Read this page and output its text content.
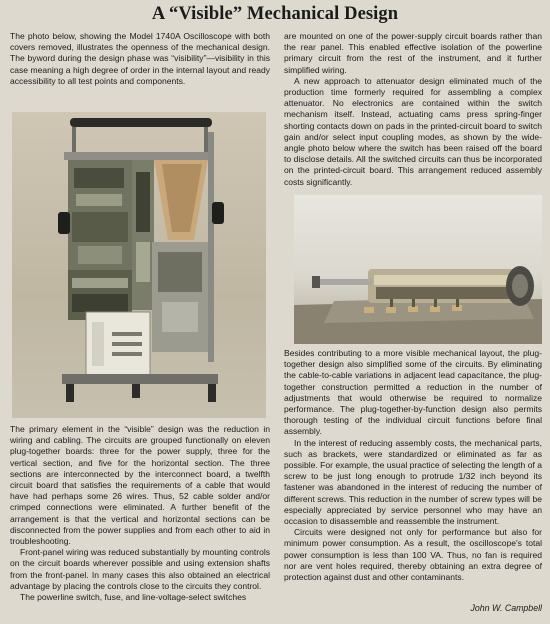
A “Visible” Mechanical Design

The photo below, showing the Model 1740A Oscilloscope with both covers removed, illustrates the openness of the mechanical design. The byword during the design phase was “visibility”—visibility in this case meaning a high degree of order in the internal layout and ready accessibility to all test points and components.

The primary element in the “visible” design was the reduction in wiring and cabling. The circuits are grouped functionally on eleven plug-together boards: three for the power supply, three for the vertical section, and five for the horizontal section. The three sections are interconnected by the interconnect board, a twelfth circuit board that satisfies the requirements of a cable that would have had perhaps some 26 wires. Thus, 52 cable solder and/or crimped connections were eliminated. A further benefit of the arrangement is that the vertical and horizontal sections can be disconnected from the power supplies and from each other to aid in troubleshooting.

Front-panel wiring was reduced substantially by mounting controls on the circuit boards wherever possible and using extension shafts from the front-panel. In many cases this also obtained an electrical advantage by placing the controls close to the circuits they control.

The powerline switch, fuse, and line-voltage-select switches

are mounted on one of the power-supply circuit boards rather than the rear panel. This enabled effective isolation of the powerline primary circuit from the rest of the instrument, and it further simplified wiring.

A new approach to attenuator design eliminated much of the production time formerly required for assembling a complex attenuator. No electronics are contained within the switch mechanism itself. Instead, actuating cams press spring-finger shorting contacts down on pads in the printed-circuit board to switch gain and/or select input coupling modes, as shown by the wide-angle photo below where the switch has been raised off the board to disclose details. All the switched circuits can thus be incorporated on the printed-circuit board. This arrangement reduced assembly costs significantly.

Besides contributing to a more visible mechanical layout, the plug-together design also simplified some of the circuits. By eliminating the cable-to-cable variations in adjacent lead capacitance, the plug-together construction permitted a reduction in the number of adjustments that would otherwise be required to normalize performance. The plug-together-by-function design also permits thorough testing of the individual circuit functions before final assembly.

In the interest of reducing assembly costs, the mechanical parts, such as brackets, were standardized or eliminated as far as possible. For example, the usual practice of selecting the length of a screw to be just long enough to protrude 1/32 inch beyond its fastener was abandoned in the interest of reducing the number of different screws. This reduction in the number of screw types will be especially appreciated by service personnel who may have an occasion to disassemble and reassemble the instrument.

Circuits were designed not only for performance but also for minimum power consumption. As a result, the oscilloscope's total power consumption is less than 100 VA. Thus, no fan is required nor are vent holes required, thereby obtaining an extra degree of protection against dust and other contaminants.

John W. Campbell
